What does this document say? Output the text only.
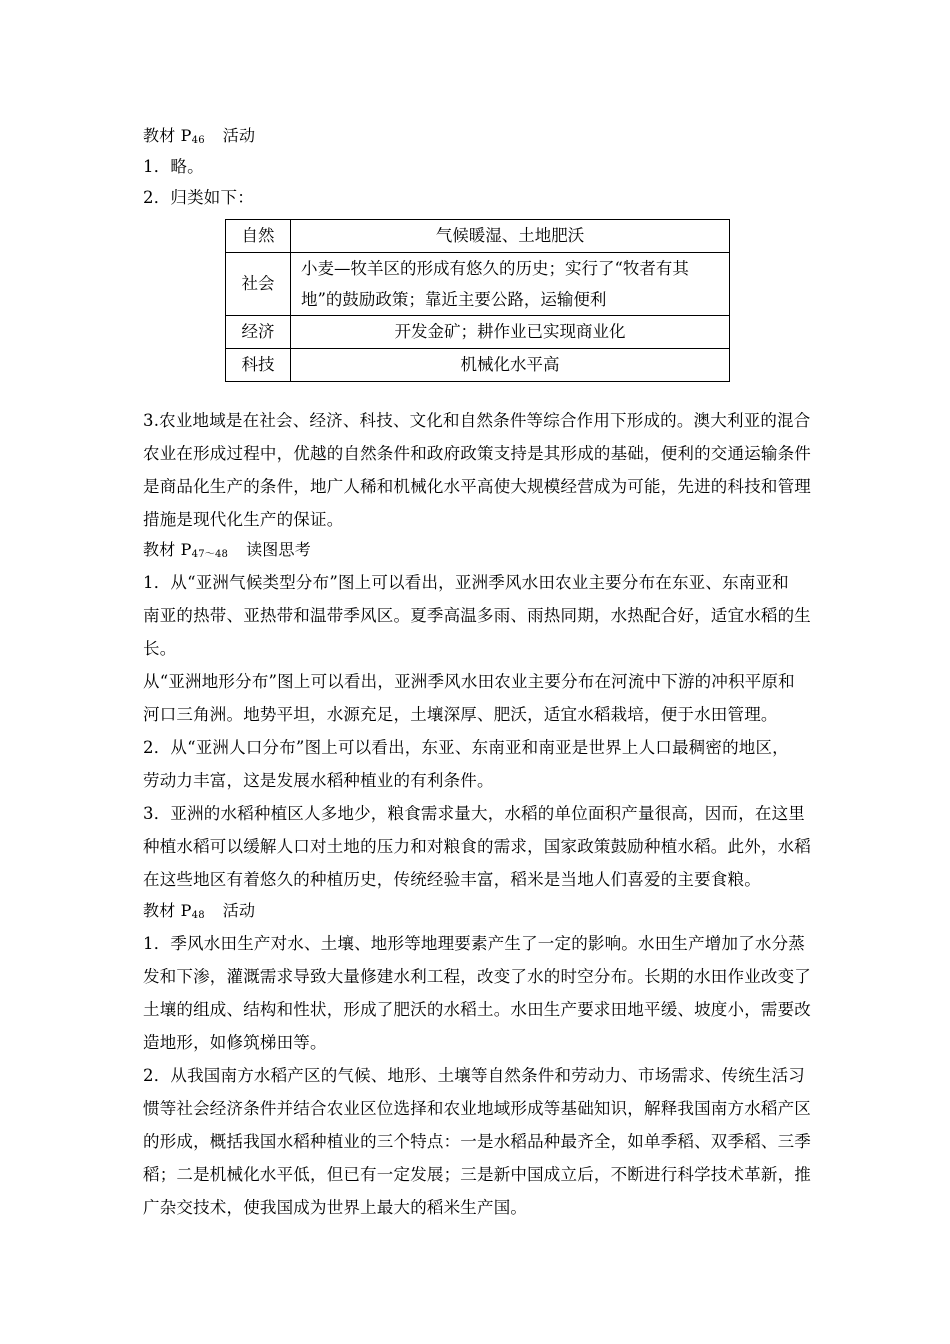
教材 $P_{46}$ 活动
1．略。
2．归类如下：
自然	气候暖湿、土地肥沃
社会	小麦—牧羊区的形成有悠久的历史；实行了“牧者有其
地”的鼓励政策；靠近主要公路，运输便利

经济	开发金矿；耕作业已实现商业化
科技	机械化水平高
3.农业地域是在社会、经济、科技、文化和自然条件等综合作用下形成的。澳大利亚的混合
农业在形成过程中，优越的自然条件和政府政策支持是其形成的基础，便利的交通运输条件
是商品化生产的条件，地广人稀和机械化水平高使大规模经营成为可能，先进的科技和管理
措施是现代化生产的保证。
教材 $P_{47\sim 48}$ 读图思考
1．从“亚洲气候类型分布”图上可以看出，亚洲季风水田农业主要分布在东亚、东南亚和
南亚的热带、亚热带和温带季风区。夏季高温多雨、雨热同期，水热配合好，适宜水稻的生
长。
从“亚洲地形分布”图上可以看出，亚洲季风水田农业主要分布在河流中下游的冲积平原和
河口三角洲。地势平坦，水源充足，土壤深厚、肥沃，适宜水稻栽培，便于水田管理。
2．从“亚洲人口分布”图上可以看出，东亚、东南亚和南亚是世界上人口最稠密的地区，
劳动力丰富，这是发展水稻种植业的有利条件。
3．亚洲的水稻种植区人多地少，粮食需求量大，水稻的单位面积产量很高，因而，在这里
种植水稻可以缓解人口对土地的压力和对粮食的需求，国家政策鼓励种植水稻。此外，水稻
在这些地区有着悠久的种植历史，传统经验丰富，稻米是当地人们喜爱的主要食粮。
教材 $P_{48}$ 活动
1．季风水田生产对水、土壤、地形等地理要素产生了一定的影响。水田生产增加了水分蒸
发和下渗，灌溉需求导致大量修建水利工程，改变了水的时空分布。长期的水田作业改变了
土壤的组成、结构和性状，形成了肥沃的水稻土。水田生产要求田地平缓、坡度小，需要改
造地形，如修筑梯田等。
2．从我国南方水稻产区的气候、地形、土壤等自然条件和劳动力、市场需求、传统生活习
惯等社会经济条件并结合农业区位选择和农业地域形成等基础知识，解释我国南方水稻产区
的形成，概括我国水稻种植业的三个特点：一是水稻品种最齐全，如单季稻、双季稻、三季
稻；二是机械化水平低，但已有一定发展；三是新中国成立后，不断进行科学技术革新，推
广杂交技术，使我国成为世界上最大的稻米生产国。
